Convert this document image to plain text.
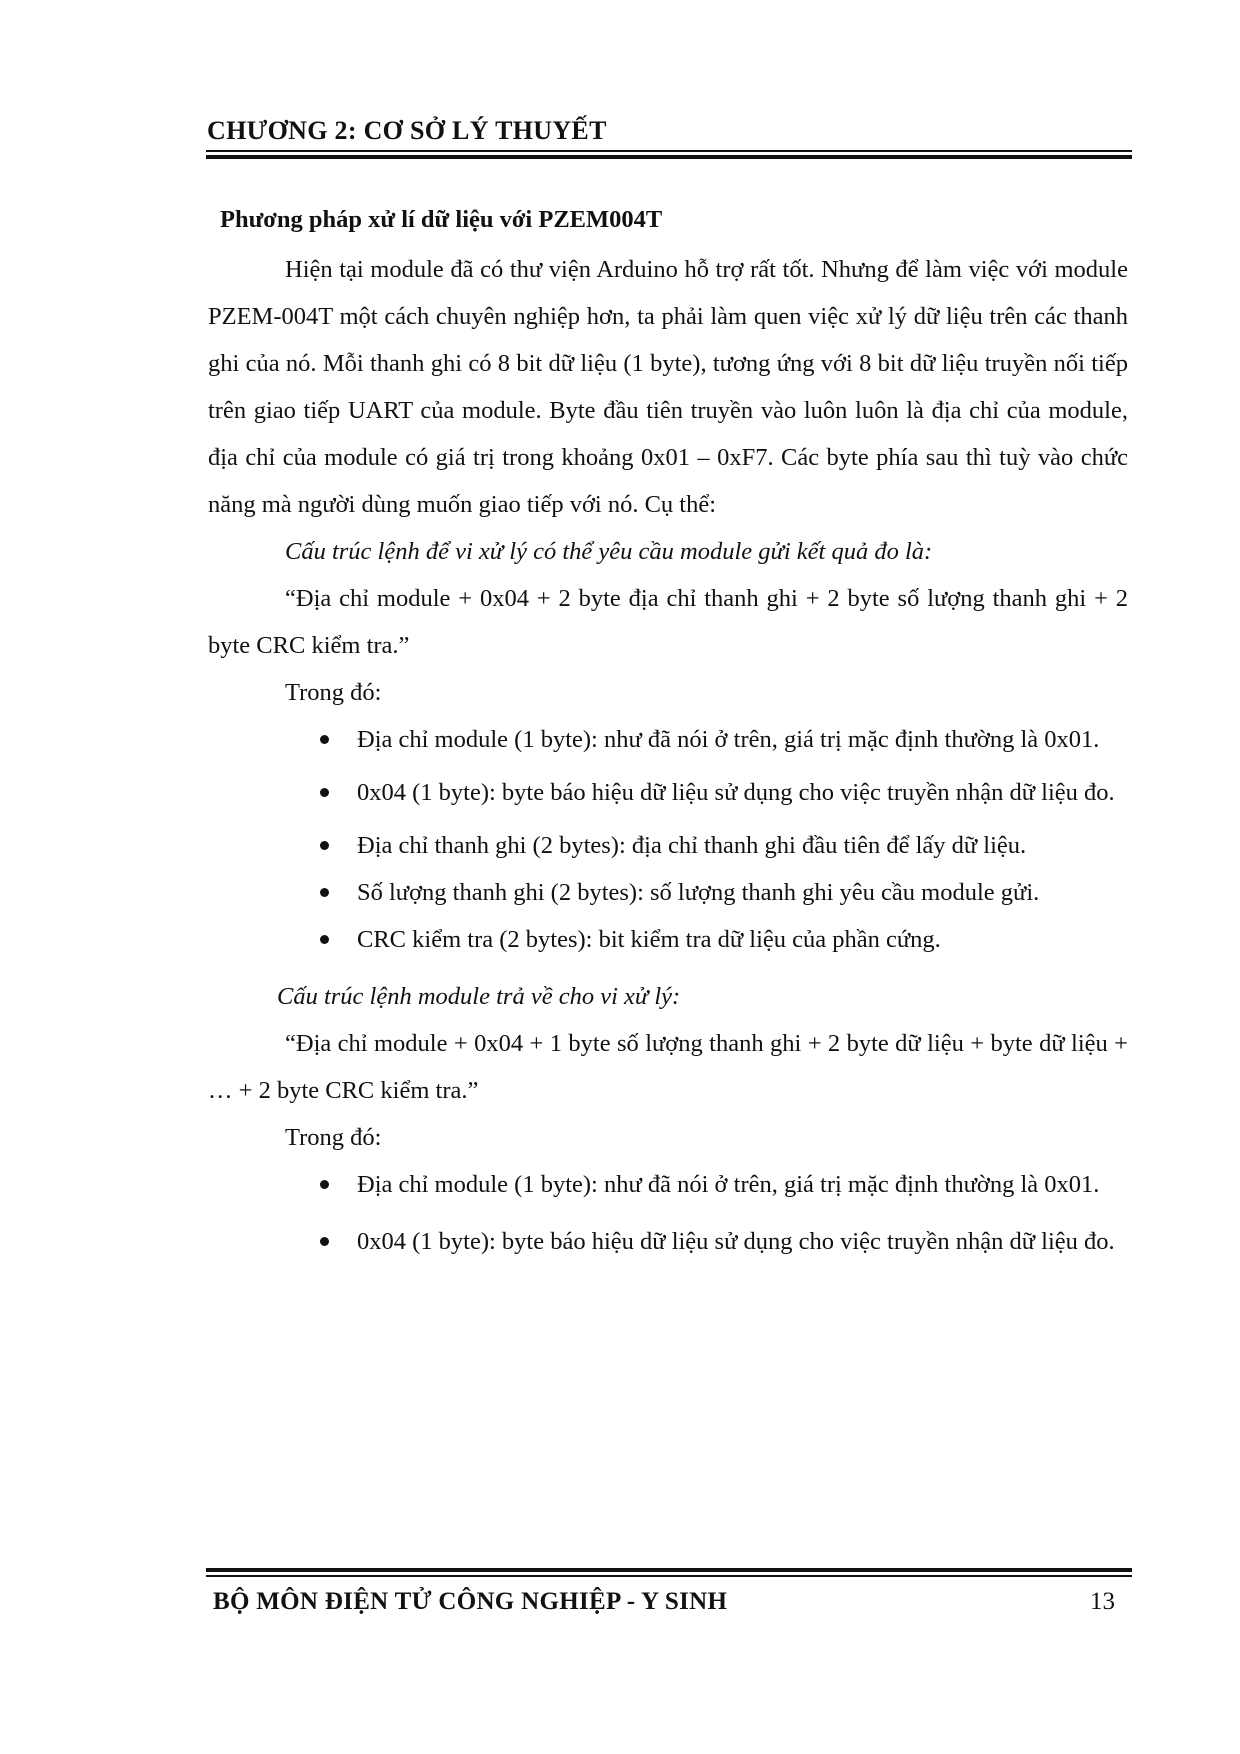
CHƯƠNG 2: CƠ SỞ LÝ THUYẾT
Phương pháp xử lí dữ liệu với PZEM004T

Hiện tại module đã có thư viện Arduino hỗ trợ rất tốt. Nhưng để làm việc với module PZEM-004T một cách chuyên nghiệp hơn, ta phải làm quen việc xử lý dữ liệu trên các thanh ghi của nó. Mỗi thanh ghi có 8 bit dữ liệu (1 byte), tương ứng với 8 bit dữ liệu truyền nối tiếp trên giao tiếp UART của module. Byte đầu tiên truyền vào luôn luôn là địa chỉ của module, địa chỉ của module có giá trị trong khoảng 0x01 – 0xF7. Các byte phía sau thì tuỳ vào chức năng mà người dùng muốn giao tiếp với nó. Cụ thể:

Cấu trúc lệnh để vi xử lý có thể yêu cầu module gửi kết quả đo là:

“Địa chỉ module + 0x04 + 2 byte địa chỉ thanh ghi + 2 byte số lượng thanh ghi + 2 byte CRC kiểm tra.”

Trong đó:
Địa chỉ module (1 byte): như đã nói ở trên, giá trị mặc định thường là 0x01.
0x04 (1 byte): byte báo hiệu dữ liệu sử dụng cho việc truyền nhận dữ liệu đo.
Địa chỉ thanh ghi (2 bytes): địa chỉ thanh ghi đầu tiên để lấy dữ liệu.
Số lượng thanh ghi (2 bytes): số lượng thanh ghi yêu cầu module gửi.
CRC kiểm tra (2 bytes): bit kiểm tra dữ liệu của phần cứng.
Cấu trúc lệnh module trả về cho vi xử lý:

“Địa chỉ module + 0x04 + 1 byte số lượng thanh ghi + 2 byte dữ liệu + byte dữ liệu + … + 2 byte CRC kiểm tra.”

Trong đó:
Địa chỉ module (1 byte): như đã nói ở trên, giá trị mặc định thường là 0x01.
0x04 (1 byte): byte báo hiệu dữ liệu sử dụng cho việc truyền nhận dữ liệu đo.
BỘ MÔN ĐIỆN TỬ CÔNG NGHIỆP - Y SINH	13
